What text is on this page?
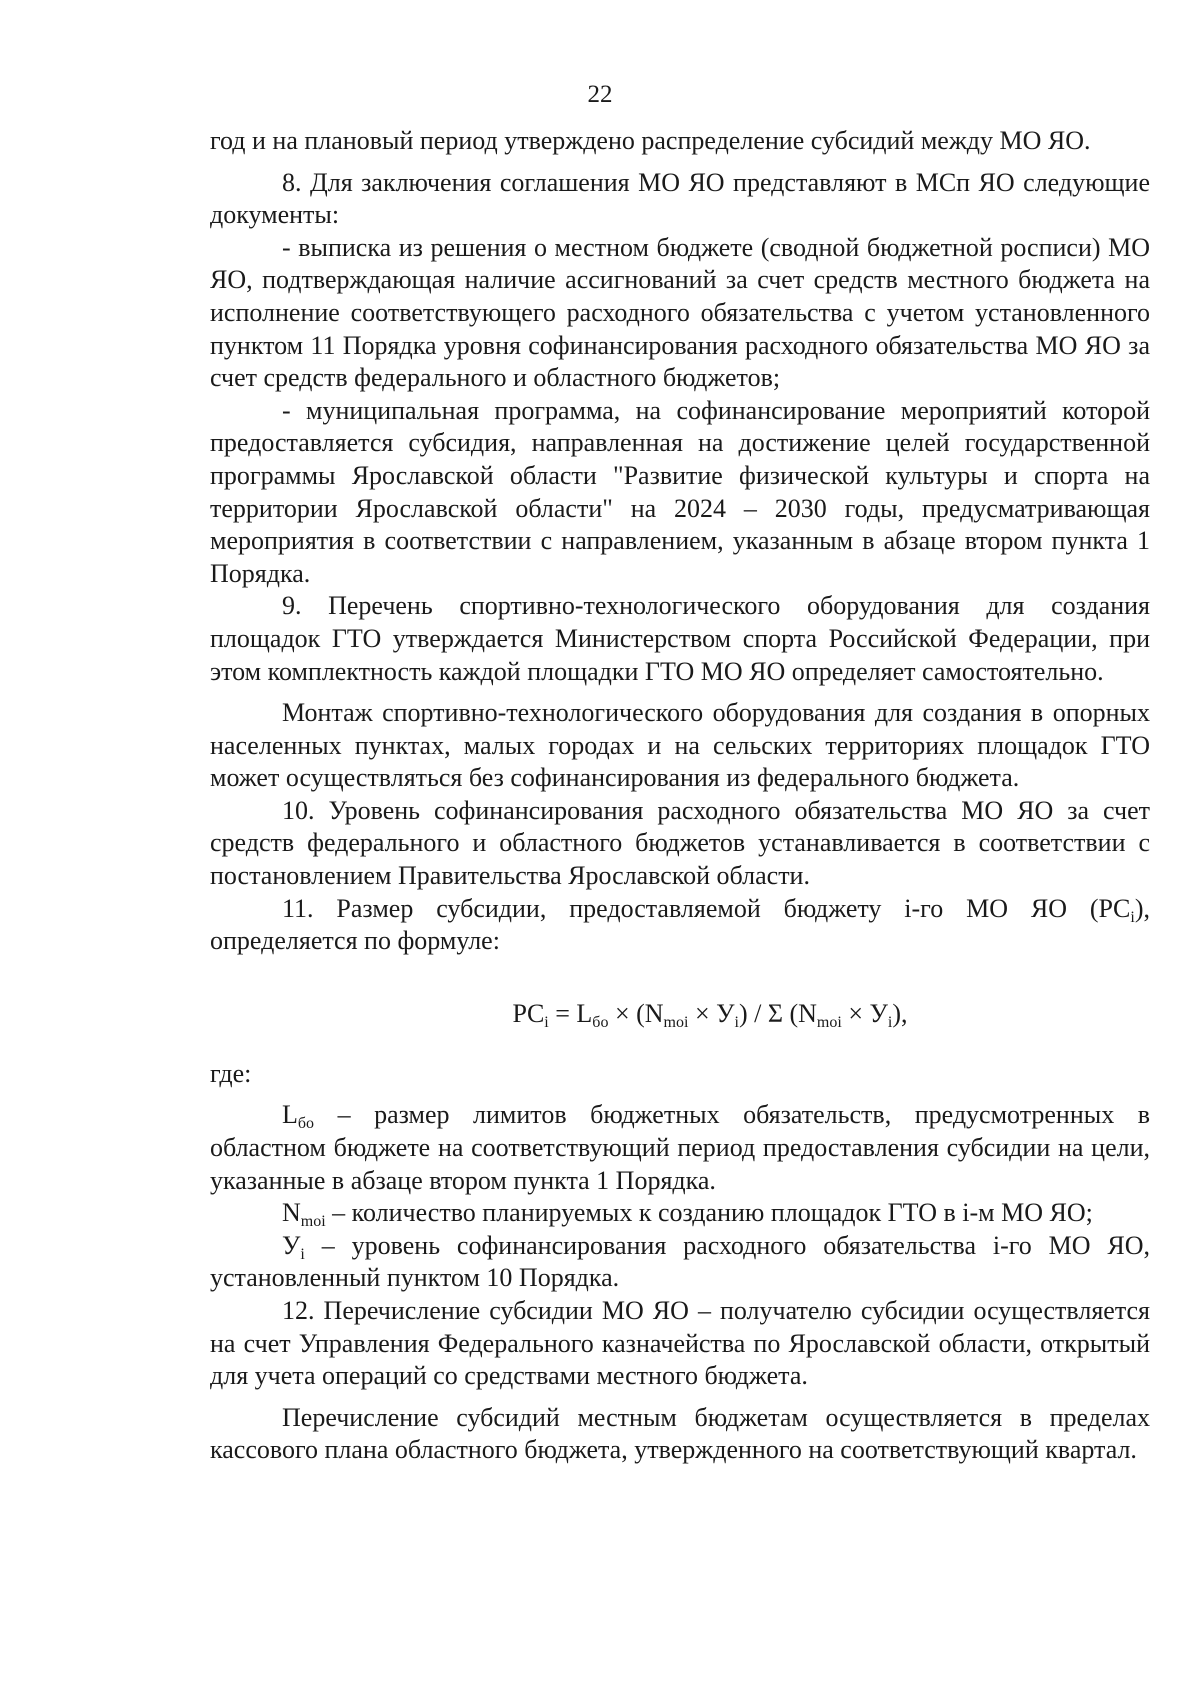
22

год и на плановый период утверждено распределение субсидий между МО ЯО.

8. Для заключения соглашения МО ЯО представляют в МСп ЯО следующие документы:

- выписка из решения о местном бюджете (сводной бюджетной росписи) МО ЯО, подтверждающая наличие ассигнований за счет средств местного бюджета на исполнение соответствующего расходного обязательства с учетом установленного пунктом 11 Порядка уровня софинансирования расходного обязательства МО ЯО за счет средств федерального и областного бюджетов;

- муниципальная программа, на софинансирование мероприятий которой предоставляется субсидия, направленная на достижение целей государственной программы Ярославской области "Развитие физической культуры и спорта на территории Ярославской области" на 2024 – 2030 годы, предусматривающая мероприятия в соответствии с направлением, указанным в абзаце втором пункта 1 Порядка.

9. Перечень спортивно-технологического оборудования для создания площадок ГТО утверждается Министерством спорта Российской Федерации, при этом комплектность каждой площадки ГТО МО ЯО определяет самостоятельно.

Монтаж спортивно-технологического оборудования для создания в опорных населенных пунктах, малых городах и на сельских территориях площадок ГТО может осуществляться без софинансирования из федерального бюджета.

10. Уровень софинансирования расходного обязательства МО ЯО за счет средств федерального и областного бюджетов устанавливается в соответствии с постановлением Правительства Ярославской области.

11. Размер субсидии, предоставляемой бюджету i-го МО ЯО $(PC_i)$, определяется по формуле:

$PC_i = L_{бо} \times (N_{moi} \times У_i) / \Sigma$ $(N_{moi} \times У_i)$,

где:

$L_{бо}$ – размер лимитов бюджетных обязательств, предусмотренных в областном бюджете на соответствующий период предоставления субсидии на цели, указанные в абзаце втором пункта 1 Порядка.

$N_{moi}$ – количество планируемых к созданию площадок ГТО в i-м МО ЯО;

$У_i$ – уровень софинансирования расходного обязательства i-го МО ЯО, установленный пунктом 10 Порядка.

12. Перечисление субсидии МО ЯО – получателю субсидии осуществляется на счет Управления Федерального казначейства по Ярославской области, открытый для учета операций со средствами местного бюджета.

Перечисление субсидий местным бюджетам осуществляется в пределах кассового плана областного бюджета, утвержденного на соответствующий квартал.
